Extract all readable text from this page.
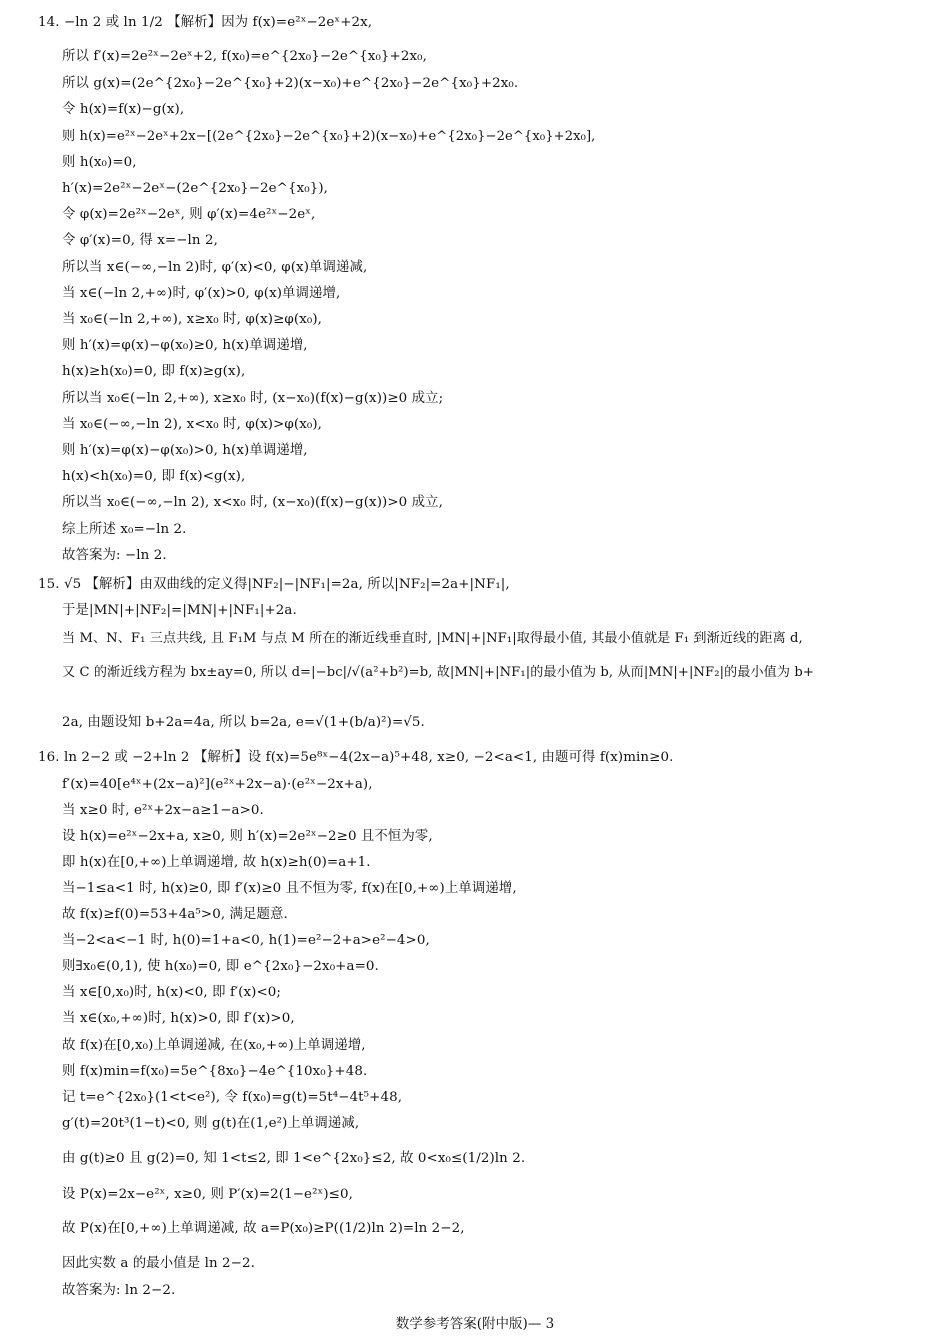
14. −ln 2 或 ln 1/2 【解析】因为 f(x)=e²ˣ−2eˣ+2x,
所以 f′(x)=2e²ˣ−2eˣ+2, f(x₀)=e^{2x₀}−2e^{x₀}+2x₀,
所以 g(x)=(2e^{2x₀}−2e^{x₀}+2)(x−x₀)+e^{2x₀}−2e^{x₀}+2x₀.
令 h(x)=f(x)−g(x),
则 h(x)=e²ˣ−2eˣ+2x−[(2e^{2x₀}−2e^{x₀}+2)(x−x₀)+e^{2x₀}−2e^{x₀}+2x₀],
则 h(x₀)=0,
h′(x)=2e²ˣ−2eˣ−(2e^{2x₀}−2e^{x₀}),
令 φ(x)=2e²ˣ−2eˣ, 则 φ′(x)=4e²ˣ−2eˣ,
令 φ′(x)=0, 得 x=−ln 2,
所以当 x∈(−∞,−ln 2)时, φ′(x)<0, φ(x)单调递减,
当 x∈(−ln 2,+∞)时, φ′(x)>0, φ(x)单调递增,
当 x₀∈(−ln 2,+∞), x≥x₀ 时, φ(x)≥φ(x₀),
则 h′(x)=φ(x)−φ(x₀)≥0, h(x)单调递增,
h(x)≥h(x₀)=0, 即 f(x)≥g(x),
所以当 x₀∈(−ln 2,+∞), x≥x₀ 时, (x−x₀)(f(x)−g(x))≥0 成立;
当 x₀∈(−∞,−ln 2), x<x₀ 时, φ(x)>φ(x₀),
则 h′(x)=φ(x)−φ(x₀)>0, h(x)单调递增,
h(x)<h(x₀)=0, 即 f(x)<g(x),
所以当 x₀∈(−∞,−ln 2), x<x₀ 时, (x−x₀)(f(x)−g(x))>0 成立,
综上所述 x₀=−ln 2.
故答案为: −ln 2.
15. √5 【解析】由双曲线的定义得|NF₂|−|NF₁|=2a, 所以|NF₂|=2a+|NF₁|,
于是|MN|+|NF₂|=|MN|+|NF₁|+2a.
当 M、N、F₁ 三点共线, 且 F₁M 与点 M 所在的渐近线垂直时, |MN|+|NF₁|取得最小值, 其最小值就是 F₁ 到渐近线的距离 d,
又 C 的渐近线方程为 bx±ay=0, 所以 d=|−bc|/√(a²+b²)=b, 故|MN|+|NF₁|的最小值为 b, 从而|MN|+|NF₂|的最小值为 b+
2a, 由题设知 b+2a=4a, 所以 b=2a, e=√(1+(b/a)²)=√5.
16. ln 2−2 或 −2+ln 2 【解析】设 f(x)=5e⁸ˣ−4(2x−a)⁵+48, x≥0, −2<a<1, 由题可得 f(x)min≥0.
f′(x)=40[e⁴ˣ+(2x−a)²](e²ˣ+2x−a)·(e²ˣ−2x+a),
当 x≥0 时, e²ˣ+2x−a≥1−a>0.
设 h(x)=e²ˣ−2x+a, x≥0, 则 h′(x)=2e²ˣ−2≥0 且不恒为零,
即 h(x)在[0,+∞)上单调递增, 故 h(x)≥h(0)=a+1.
当−1≤a<1 时, h(x)≥0, 即 f′(x)≥0 且不恒为零, f(x)在[0,+∞)上单调递增,
故 f(x)≥f(0)=53+4a⁵>0, 满足题意.
当−2<a<−1 时, h(0)=1+a<0, h(1)=e²−2+a>e²−4>0,
则∃x₀∈(0,1), 使 h(x₀)=0, 即 e^{2x₀}−2x₀+a=0.
当 x∈[0,x₀)时, h(x)<0, 即 f′(x)<0;
当 x∈(x₀,+∞)时, h(x)>0, 即 f′(x)>0,
故 f(x)在[0,x₀)上单调递减, 在(x₀,+∞)上单调递增,
则 f(x)min=f(x₀)=5e^{8x₀}−4e^{10x₀}+48.
记 t=e^{2x₀}(1<t<e²), 令 f(x₀)=g(t)=5t⁴−4t⁵+48,
g′(t)=20t³(1−t)<0, 则 g(t)在(1,e²)上单调递减,
由 g(t)≥0 且 g(2)=0, 知 1<t≤2, 即 1<e^{2x₀}≤2, 故 0<x₀≤(1/2)ln 2.
设 P(x)=2x−e²ˣ, x≥0, 则 P′(x)=2(1−e²ˣ)≤0,
故 P(x)在[0,+∞)上单调递减, 故 a=P(x₀)≥P((1/2)ln 2)=ln 2−2,
因此实数 a 的最小值是 ln 2−2.
故答案为: ln 2−2.
数学参考答案(附中版)— 3
